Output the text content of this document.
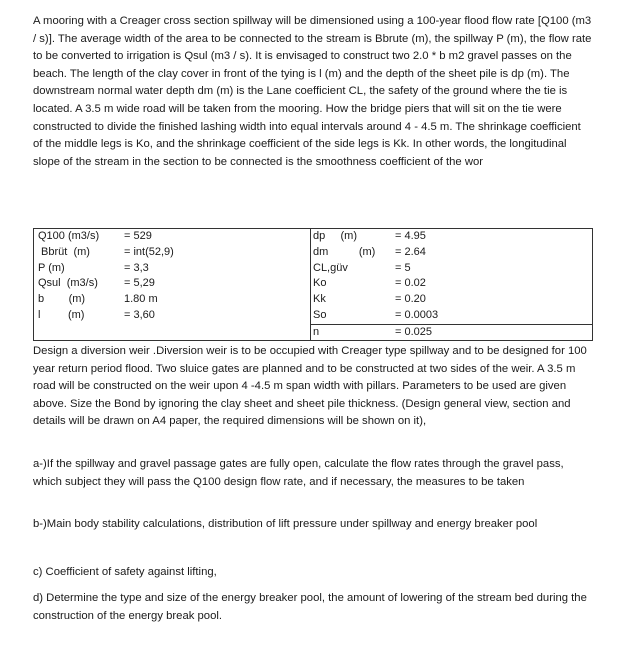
A mooring with a Creager cross section spillway will be dimensioned using a 100-year flood flow rate [Q100 (m3 / s)]. The average width of the area to be connected to the stream is Bbrute (m), the spillway P (m), the flow rate to be converted to irrigation is Qsul (m3 / s). It is envisaged to construct two 2.0 * b m2 gravel passes on the beach. The length of the clay cover in front of the tying is l (m) and the depth of the sheet pile is dp (m). The downstream normal water depth dm (m) is the Lane coefficient CL, the safety of the ground where the tie is located. A 3.5 m wide road will be taken from the mooring. How the bridge piers that will sit on the tie were constructed to divide the finished lashing width into equal intervals around 4 - 4.5 m. The shrinkage coefficient of the middle legs is Ko, and the shrinkage coefficient of the side legs is Kk. In other words, the longitudinal slope of the stream in the section to be connected is the smoothness coefficient of the wor

Q100 (m3/s) = 529	dp     (m)	= 4.95
Bbrüt  (m)	= int(52,9)	dm          (m) = 2.64
P (m)	= 3,3	CL,güv	= 5
Qsul  (m3/s) = 5,29	Ko	= 0.02
b        (m)	1.80 m	Kk	= 0.20
l         (m)	= 3,60	So	= 0.0003
n	= 0.025

Design a diversion weir .Diversion weir is to be occupied with Creager type spillway and to be designed for 100 year return period flood. Two sluice gates are planned and to be constructed at two sides of the weir. A 3.5 m road will be constructed on the weir upon 4 -4.5 m span width with pillars. Parameters to be used are given above. Size the Bond by ignoring the clay sheet and sheet pile thickness. (Design general view, section and details will be drawn on A4 paper, the required dimensions will be shown on it),

a-)If the spillway and gravel passage gates are fully open, calculate the flow rates through the gravel pass, which subject they will pass the Q100 design flow rate, and if necessary, the measures to be taken

b-)Main body stability calculations, distribution of lift pressure under spillway and energy breaker pool

c) Coefficient of safety against lifting,

d) Determine the type and size of the energy breaker pool, the amount of lowering of the stream bed during the construction of the energy break pool.
